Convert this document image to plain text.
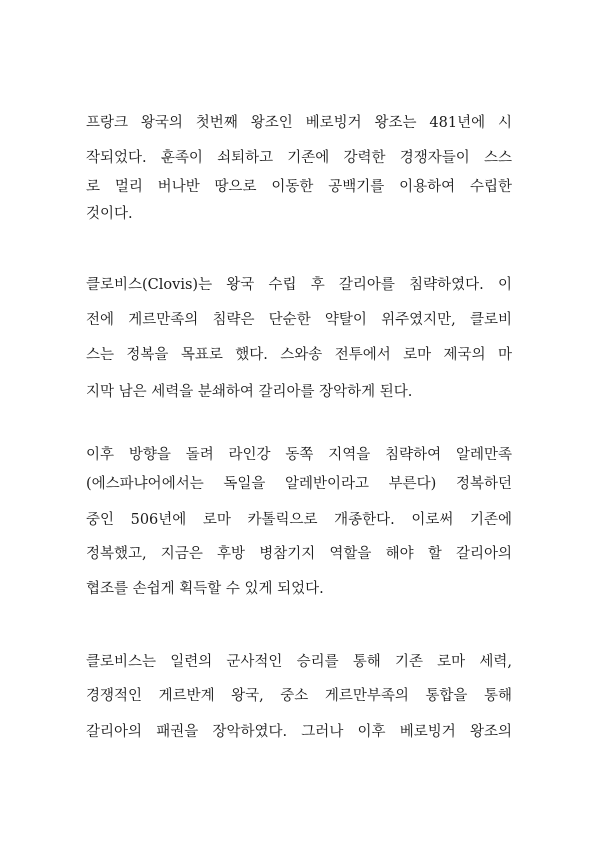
프랑크 왕국의 첫번째 왕조인 베로빙거 왕조는 481년에 시
작되었다. 훈족이 쇠퇴하고 기존에 강력한 경쟁자들이 스스
로 멀리 버나반 땅으로 이동한 공백기를 이용하여 수립한
것이다.
클로비스(Clovis)는 왕국 수립 후 갈리아를 침략하였다. 이
전에 게르만족의 침략은 단순한 약탈이 위주였지만, 클로비
스는 정복을 목표로 했다. 스와송 전투에서 로마 제국의 마
지막 남은 세력을 분쇄하여 갈리아를 장악하게 된다.
이후 방향을 돌려 라인강 동쪽 지역을 침략하여 알레만족
(에스파냐어에서는 독일을 알레반이라고 부른다) 정복하던
중인 506년에 로마 카톨릭으로 개종한다. 이로써 기존에
정복했고, 지금은 후방 병참기지 역할을 해야 할 갈리아의
협조를 손쉽게 획득할 수 있게 되었다.
클로비스는 일련의 군사적인 승리를 통해 기존 로마 세력,
경쟁적인 게르반계 왕국, 중소 게르만부족의 통합을 통해
갈리아의 패권을 장악하였다. 그러나 이후 베로빙거 왕조의
